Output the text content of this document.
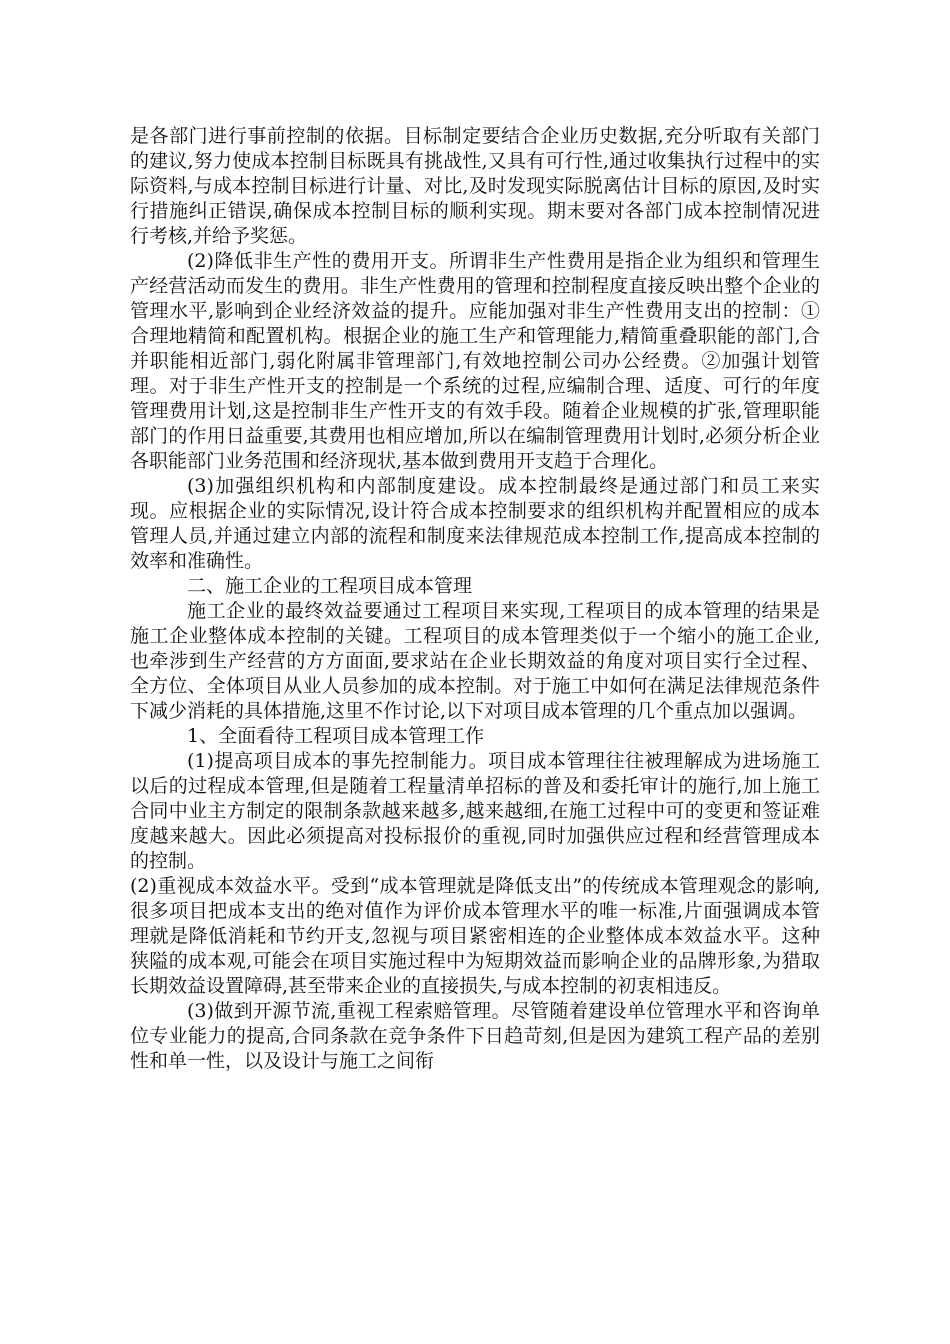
是各部门进行事前控制的依据。目标制定要结合企业历史数据,充分听取有关部门的建议,努力使成本控制目标既具有挑战性,又具有可行性,通过收集执行过程中的实际资料,与成本控制目标进行计量、对比,及时发现实际脱离估计目标的原因,及时实行措施纠正错误,确保成本控制目标的顺利实现。期末要对各部门成本控制情况进行考核,并给予奖惩。

(2)降低非生产性的费用开支。所谓非生产性费用是指企业为组织和管理生产经营活动而发生的费用。非生产性费用的管理和控制程度直接反映出整个企业的管理水平,影响到企业经济效益的提升。应能加强对非生产性费用支出的控制：①合理地精简和配置机构。根据企业的施工生产和管理能力,精简重叠职能的部门,合并职能相近部门,弱化附属非管理部门,有效地控制公司办公经费。②加强计划管理。对于非生产性开支的控制是一个系统的过程,应编制合理、适度、可行的年度管理费用计划,这是控制非生产性开支的有效手段。随着企业规模的扩张,管理职能部门的作用日益重要,其费用也相应增加,所以在编制管理费用计划时,必须分析企业各职能部门业务范围和经济现状,基本做到费用开支趋于合理化。

(3)加强组织机构和内部制度建设。成本控制最终是通过部门和员工来实现。应根据企业的实际情况,设计符合成本控制要求的组织机构并配置相应的成本管理人员,并通过建立内部的流程和制度来法律规范成本控制工作,提高成本控制的效率和准确性。

二、施工企业的工程项目成本管理

施工企业的最终效益要通过工程项目来实现,工程项目的成本管理的结果是施工企业整体成本控制的关键。工程项目的成本管理类似于一个缩小的施工企业,也牵涉到生产经营的方方面面,要求站在企业长期效益的角度对项目实行全过程、全方位、全体项目从业人员参加的成本控制。对于施工中如何在满足法律规范条件下减少消耗的具体措施,这里不作讨论,以下对项目成本管理的几个重点加以强调。

1、全面看待工程项目成本管理工作

(1)提高项目成本的事先控制能力。项目成本管理往往被理解成为进场施工以后的过程成本管理,但是随着工程量清单招标的普及和委托审计的施行,加上施工合同中业主方制定的限制条款越来越多,越来越细,在施工过程中可的变更和签证难度越来越大。因此必须提高对投标报价的重视,同时加强供应过程和经营管理成本的控制。

(2)重视成本效益水平。受到“成本管理就是降低支出”的传统成本管理观念的影响,很多项目把成本支出的绝对值作为评价成本管理水平的唯一标准,片面强调成本管理就是降低消耗和节约开支,忽视与项目紧密相连的企业整体成本效益水平。这种狭隘的成本观,可能会在项目实施过程中为短期效益而影响企业的品牌形象,为猎取长期效益设置障碍,甚至带来企业的直接损失,与成本控制的初衷相违反。

(3)做到开源节流,重视工程索赔管理。尽管随着建设单位管理水平和咨询单位专业能力的提高,合同条款在竞争条件下日趋苛刻,但是因为建筑工程产品的差别性和单一性，以及设计与施工之间衔
